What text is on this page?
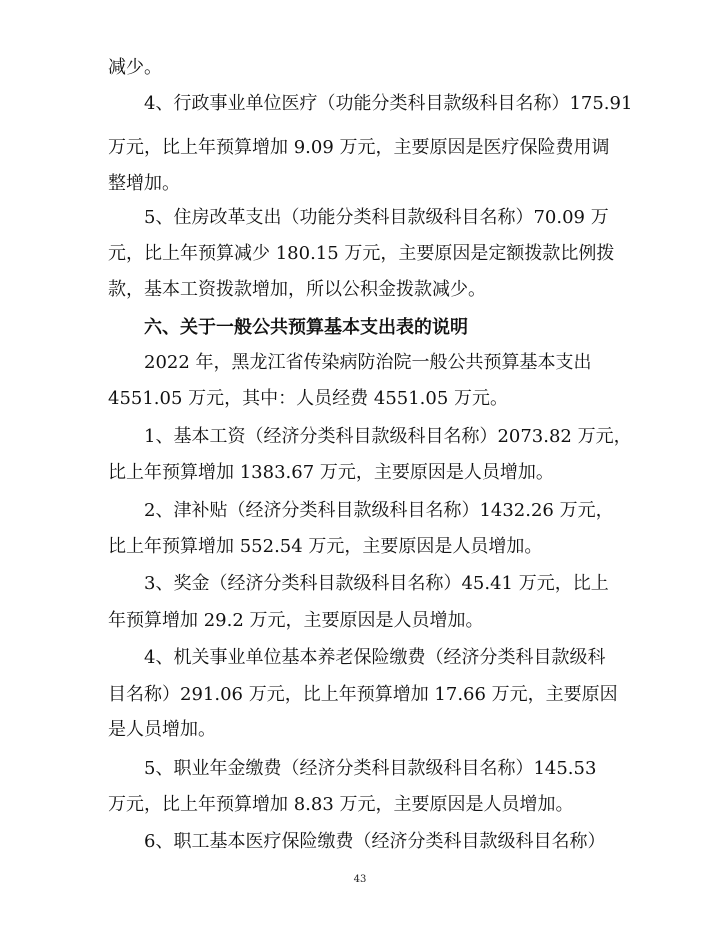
减少。
4、行政事业单位医疗（功能分类科目款级科目名称）175.91
万元，比上年预算增加 9.09 万元，主要原因是医疗保险费用调
整增加。
5、住房改革支出（功能分类科目款级科目名称）70.09 万
元，比上年预算减少 180.15 万元，主要原因是定额拨款比例拨
款，基本工资拨款增加，所以公积金拨款减少。
六、关于一般公共预算基本支出表的说明
2022 年，黑龙江省传染病防治院一般公共预算基本支出
4551.05 万元，其中：人员经费 4551.05 万元。
1、基本工资（经济分类科目款级科目名称）2073.82 万元，
比上年预算增加 1383.67 万元，主要原因是人员增加。
2、津补贴（经济分类科目款级科目名称）1432.26 万元，
比上年预算增加 552.54 万元，主要原因是人员增加。
3、奖金（经济分类科目款级科目名称）45.41 万元，比上
年预算增加 29.2 万元，主要原因是人员增加。
4、机关事业单位基本养老保险缴费（经济分类科目款级科
目名称）291.06 万元，比上年预算增加 17.66 万元，主要原因
是人员增加。
5、职业年金缴费（经济分类科目款级科目名称）145.53
万元，比上年预算增加 8.83 万元，主要原因是人员增加。
6、职工基本医疗保险缴费（经济分类科目款级科目名称）
43
